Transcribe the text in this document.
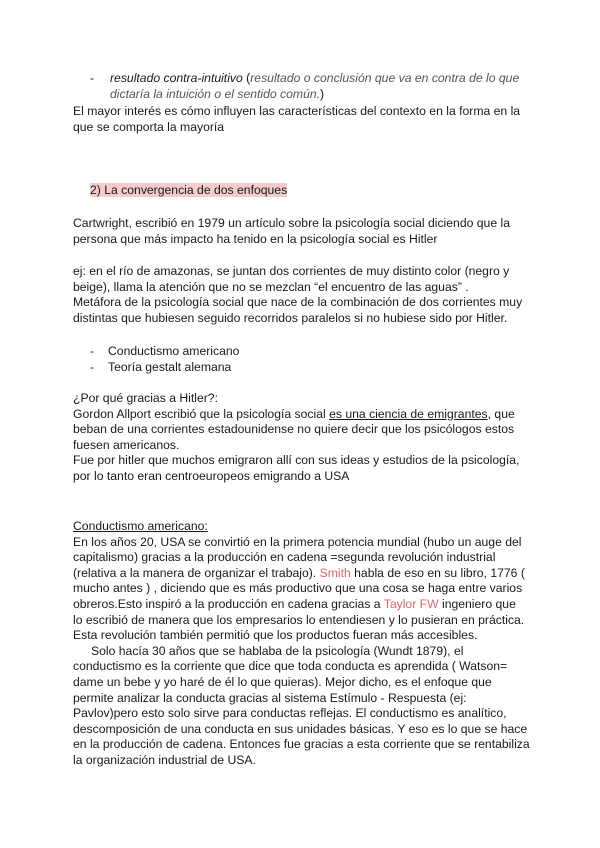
- resultado contra-intuitivo (resultado o conclusión que va en contra de lo que
dictaría la intuición o el sentido común.)
El mayor interés es cómo influyen las características del contexto en la forma en la
que se comporta la mayoría
2) La convergencia de dos enfoques
Cartwright, escribió en 1979 un artículo sobre la psicología social diciendo que la
persona que más impacto ha tenido en la psicología social es Hitler
ej: en el río de amazonas, se juntan dos corrientes de muy distinto color (negro y
beige), llama la atención que no se mezclan “el encuentro de las aguas” .
Metáfora de la psicología social que nace de la combinación de dos corrientes muy
distintas que hubiesen seguido recorridos paralelos si no hubiese sido por Hitler.
- Conductismo americano
- Teoría gestalt alemana
¿Por qué gracias a Hitler?:
Gordon Allport escribió que la psicología social es una ciencia de emigrantes, que
beban de una corrientes estadounidense no quiere decir que los psicólogos estos
fuesen americanos.
Fue por hitler que muchos emigraron allí con sus ideas y estudios de la psicología,
por lo tanto eran centroeuropeos emigrando a USA
Conductismo americano:
En los años 20, USA se convirtió en la primera potencia mundial (hubo un auge del
capitalismo) gracias a la producción en cadena =segunda revolución industrial
(relativa a la manera de organizar el trabajo). Smith habla de eso en su libro, 1776 (
mucho antes ) , diciendo que es más productivo que una cosa se haga entre varios
obreros.Esto inspiró a la producción en cadena gracias a Taylor FW ingeniero que
lo escribió de manera que los empresarios lo entendiesen y lo pusieran en práctica.
Esta revolución también permitió que los productos fueran más accesibles.
Solo hacía 30 años que se hablaba de la psicología (Wundt 1879), el
conductismo es la corriente que dice que toda conducta es aprendida ( Watson=
dame un bebe y yo haré de él lo que quieras). Mejor dicho, es el enfoque que
permite analizar la conducta gracias al sistema Estímulo - Respuesta (ej:
Pavlov)pero esto solo sirve para conductas reflejas. El conductismo es analítico,
descomposición de una conducta en sus unidades básicas. Y eso es lo que se hace
en la producción de cadena. Entonces fue gracias a esta corriente que se rentabiliza
la organización industrial de USA.
